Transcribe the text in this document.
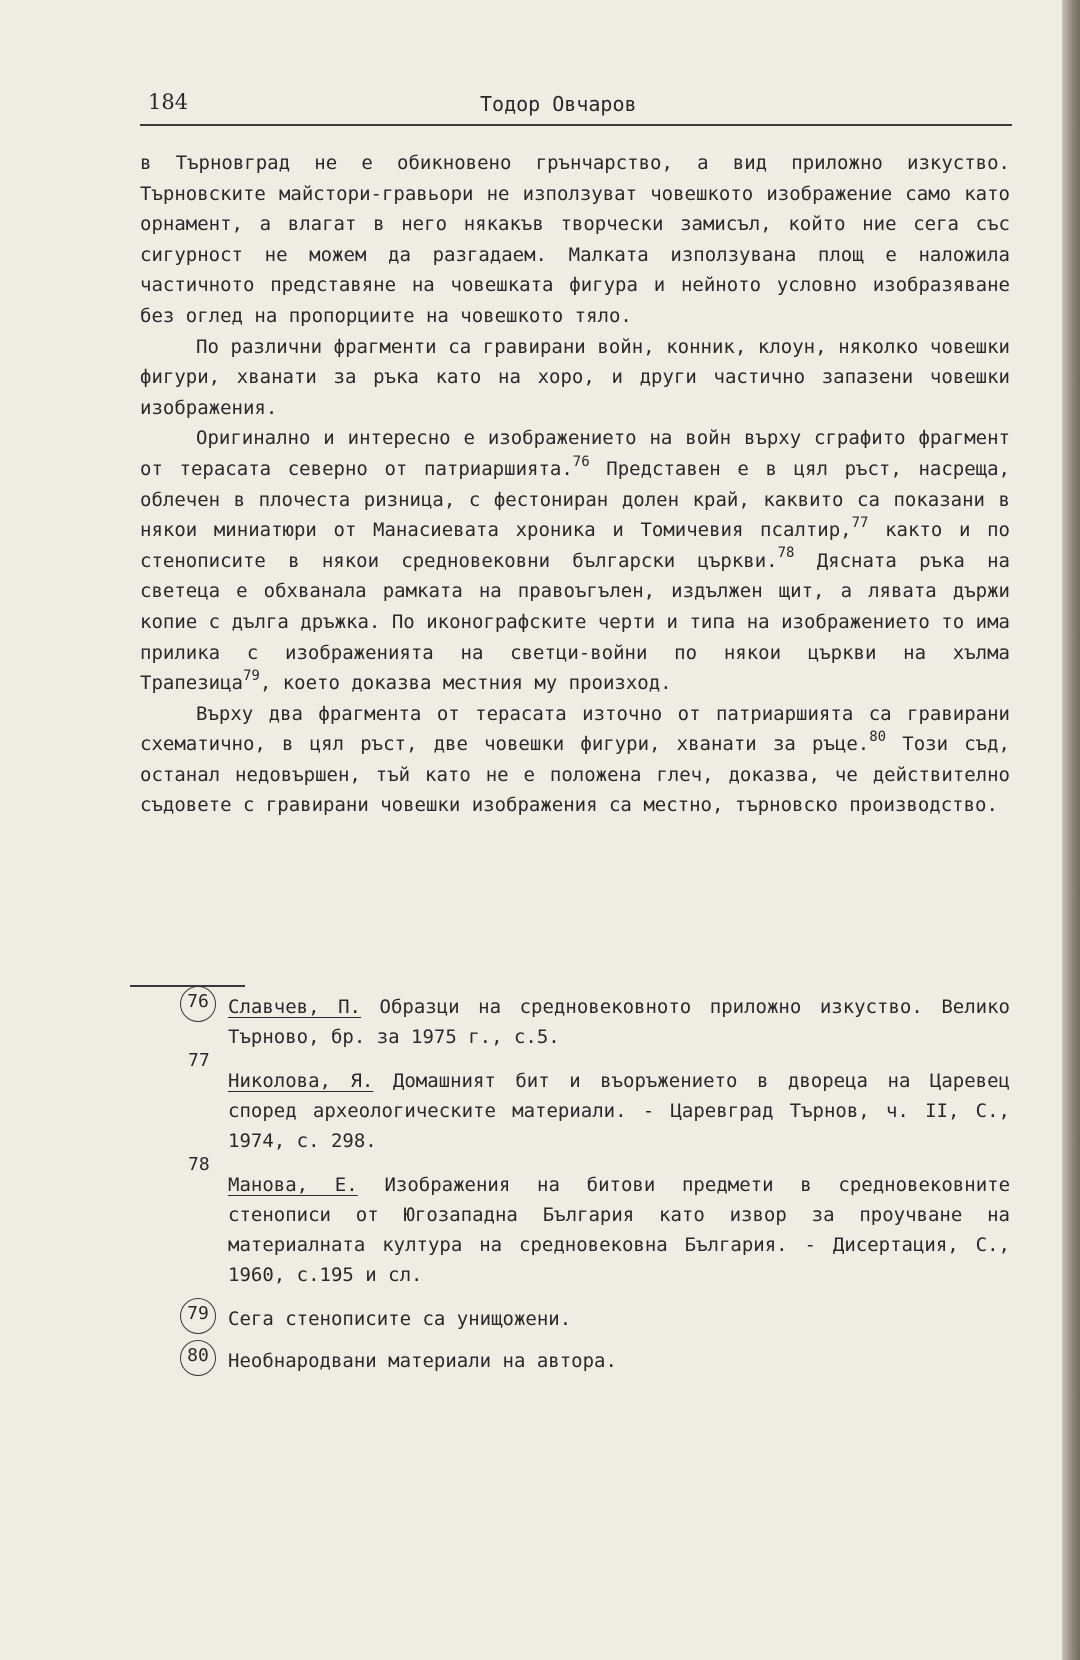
184	Тодор Овчаров

в Търновград не е обикновено грънчарство, а вид приложно изкуство. Търновските майстори-гравьори не използуват човешкото изображение само като орнамент, а влагат в него някакъв творчески замисъл, който ние сега със сигурност не можем да разгадаем. Малката използувана площ е наложила частичното представяне на човешката фигура и нейното условно изобразяване без оглед на пропорциите на човешкото тяло.

По различни фрагменти са гравирани войн, конник, клоун, няколко човешки фигури, хванати за ръка като на хоро, и други частично запазени човешки изображения.

Оригинално и интересно е изображението на войн върху сграфито фрагмент от терасата северно от патриаршията.$^{76}$ Представен е в цял ръст, насреща, облечен в плочеста ризница, с фестониран долен край, каквито са показани в някои миниатюри от Манасиевата хроника и Томичевия псалтир,$^{77}$ както и по стенописите в някои средновековни български църкви.$^{78}$ Дясната ръка на светеца е обхванала рамката на правоъгълен, издължен щит, а лявата държи копие с дълга дръжка. По иконографските черти и типа на изображението то има прилика с изображенията на светци-войни по някои църкви на хълма Трапезица$^{79}$, което доказва местния му произход.

Върху два фрагмента от терасата източно от патриаршията са гравирани схематично, в цял ръст, две човешки фигури, хванати за ръце.$^{80}$ Този съд, останал недовършен, тъй като не е положена глеч, доказва, че действително съдовете с гравирани човешки изображения са местно, търновско производство.

76	Славчев, П. Образци на средновековното приложно изкуство. Велико Търново, бр. за 1975 г., с.5.
77
Николова, Я. Домашният бит и въоръжението в двореца на Царевец според археологическите материали. - Царевград Търнов, ч. II, С., 1974, с. 298.
78
Манова, Е. Изображения на битови предмети в средновековните стенописи от Югозападна България като извор за проучване на материалната култура на средновековна България. - Дисертация, С., 1960, с.195 и сл.
79	Сега стенописите са унищожени.
80	Необнародвани материали на автора.
